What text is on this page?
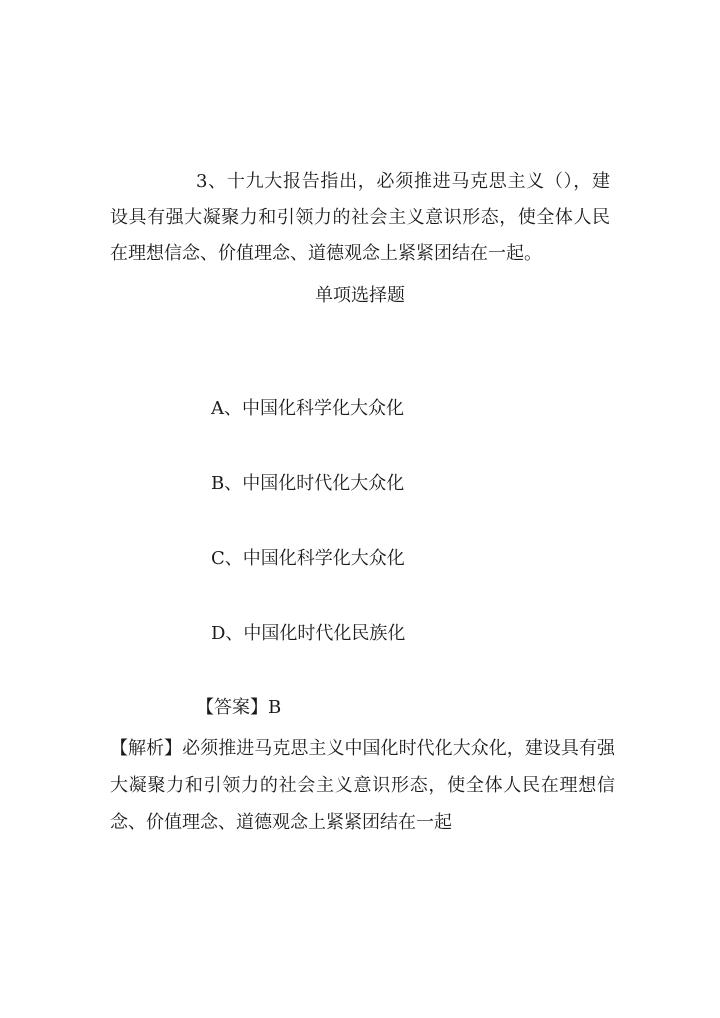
3、十九大报告指出，必须推进马克思主义（），建设具有强大凝聚力和引领力的社会主义意识形态，使全体人民在理想信念、价值理念、道德观念上紧紧团结在一起。

单项选择题

A、中国化科学化大众化

B、中国化时代化大众化

C、中国化科学化大众化

D、中国化时代化民族化

【答案】B

【解析】必须推进马克思主义中国化时代化大众化，建设具有强大凝聚力和引领力的社会主义意识形态，使全体人民在理想信念、价值理念、道德观念上紧紧团结在一起
